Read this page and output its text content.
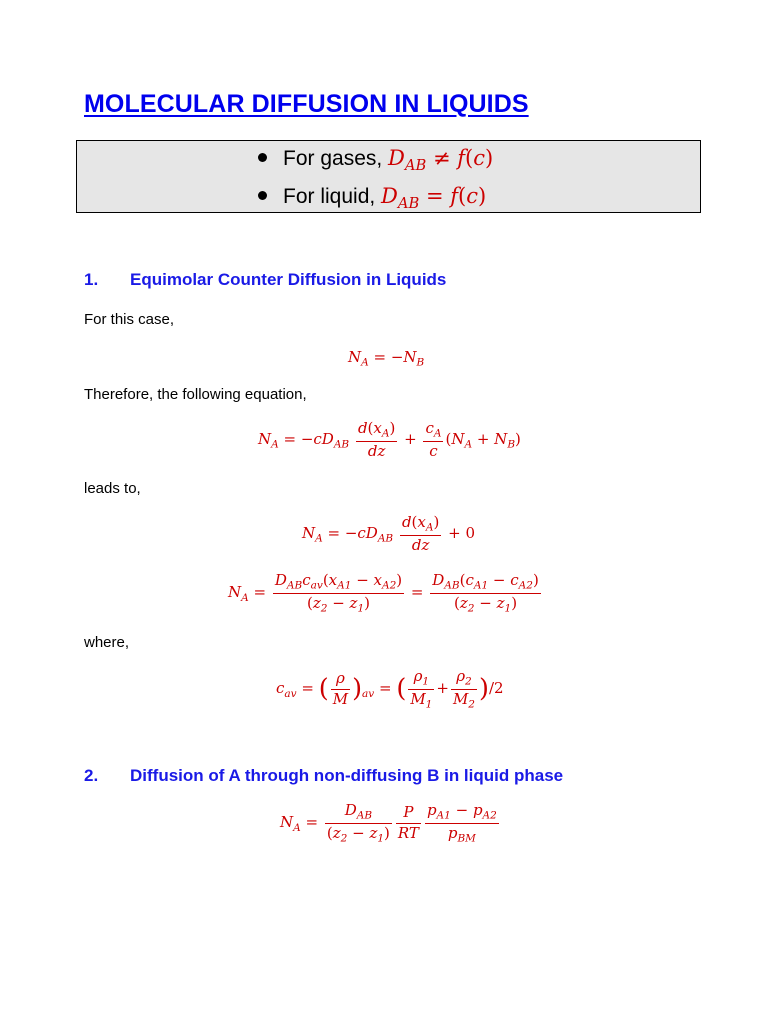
MOLECULAR DIFFUSION IN LIQUIDS
For gases, $D_{AB} \ne f(c)$
For liquid, $D_{AB} = f(c)$
1. Equimolar Counter Diffusion in Liquids
For this case,
$N_A = -N_B$
Therefore, the following equation,
$N_A = -cD_{AB} \frac{d(x_A)}{dz} + \frac{c_A}{c} (N_A + N_B)$
leads to,
$N_A = -cD_{AB} \frac{d(x_A)}{dz} + 0$
$N_A = \frac{D_{AB}c_{av}(x_{A1} - x_{A2})}{(z_2 - z_1)} = \frac{D_{AB}(c_{A1} - c_{A2})}{(z_2 - z_1)}$
where,
$c_{av}$ = ( $\frac{\rho}{M} )_{av}$ = ( $\frac{\rho_1}{M_1} + \frac{\rho_2}{M_2} )/2$
2. Diffusion of A through non-diffusing B in liquid phase
$N_A = \frac{D_{AB}}{(z_2 - z_1)} \frac{P}{RT} \frac{p_{A1} - p_{A2}}{p_{BM}}$
